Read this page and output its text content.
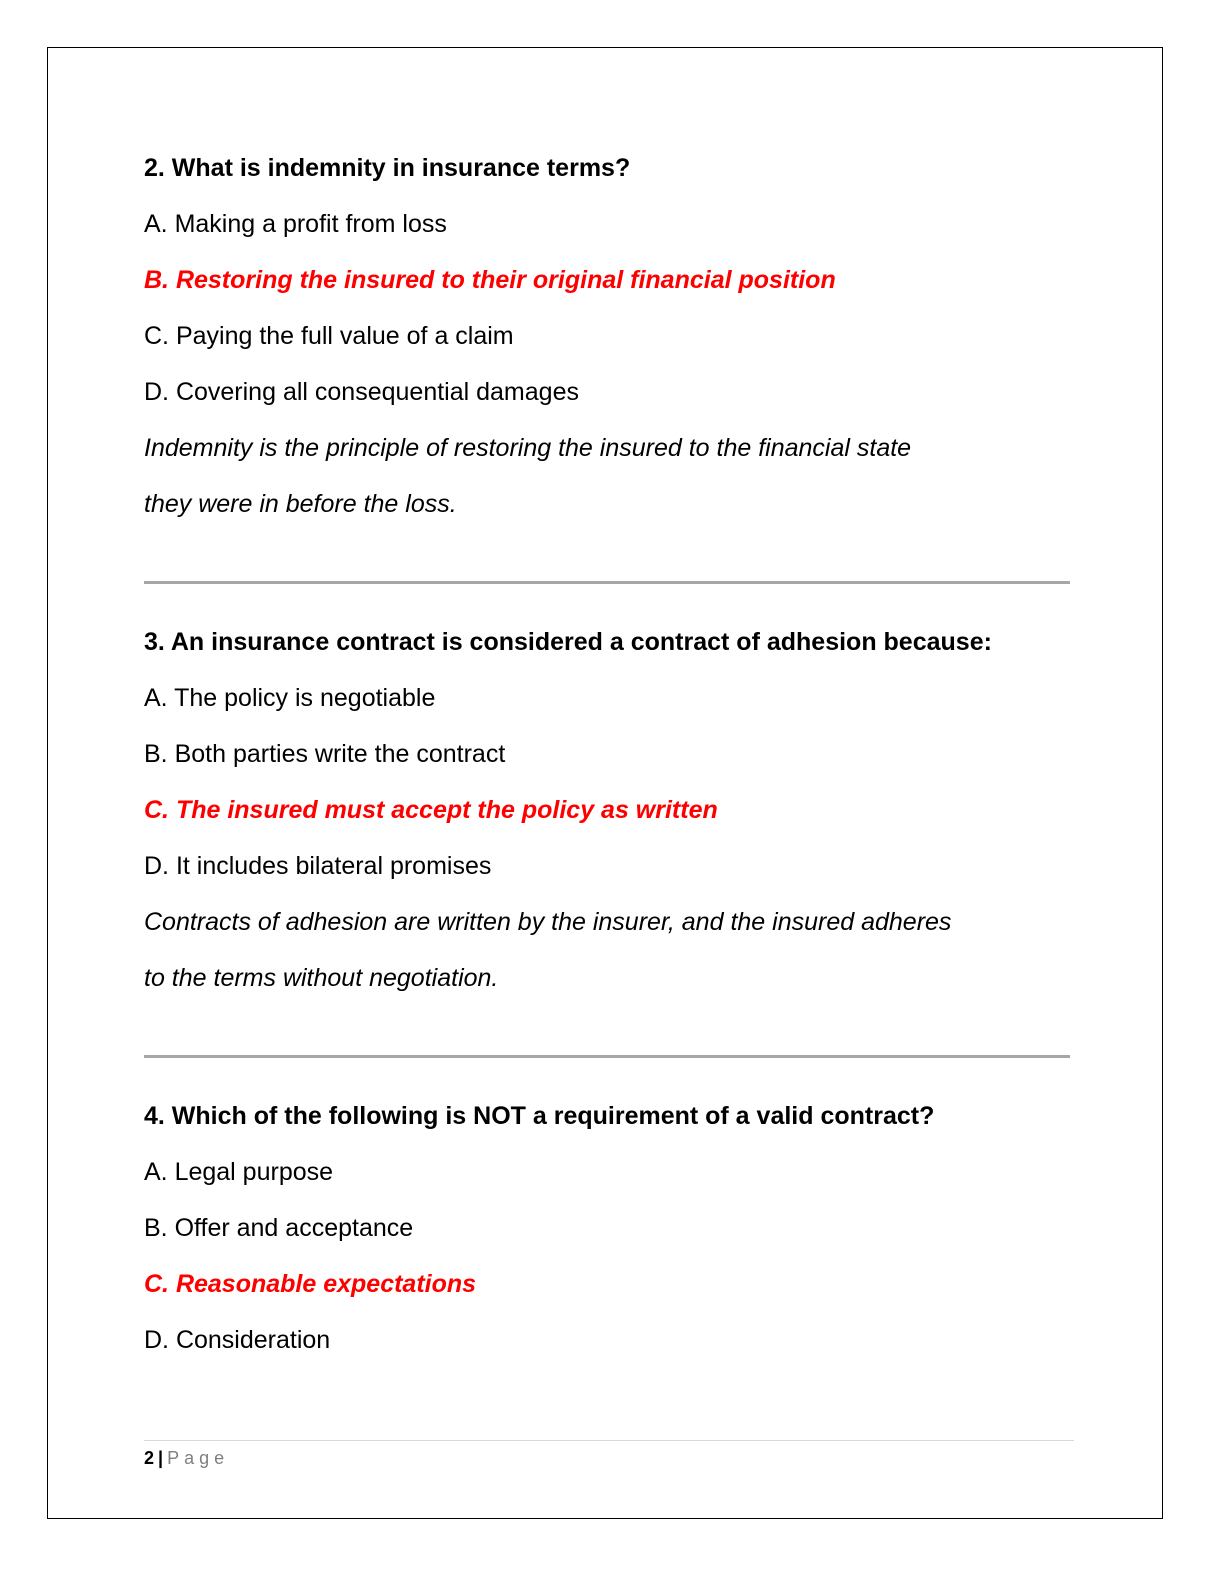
2. What is indemnity in insurance terms?
A. Making a profit from loss
B. Restoring the insured to their original financial position
C. Paying the full value of a claim
D. Covering all consequential damages
Indemnity is the principle of restoring the insured to the financial state
they were in before the loss.
3. An insurance contract is considered a contract of adhesion because:
A. The policy is negotiable
B. Both parties write the contract
C. The insured must accept the policy as written
D. It includes bilateral promises
Contracts of adhesion are written by the insurer, and the insured adheres
to the terms without negotiation.
4. Which of the following is NOT a requirement of a valid contract?
A. Legal purpose
B. Offer and acceptance
C. Reasonable expectations
D. Consideration
2 | Page
